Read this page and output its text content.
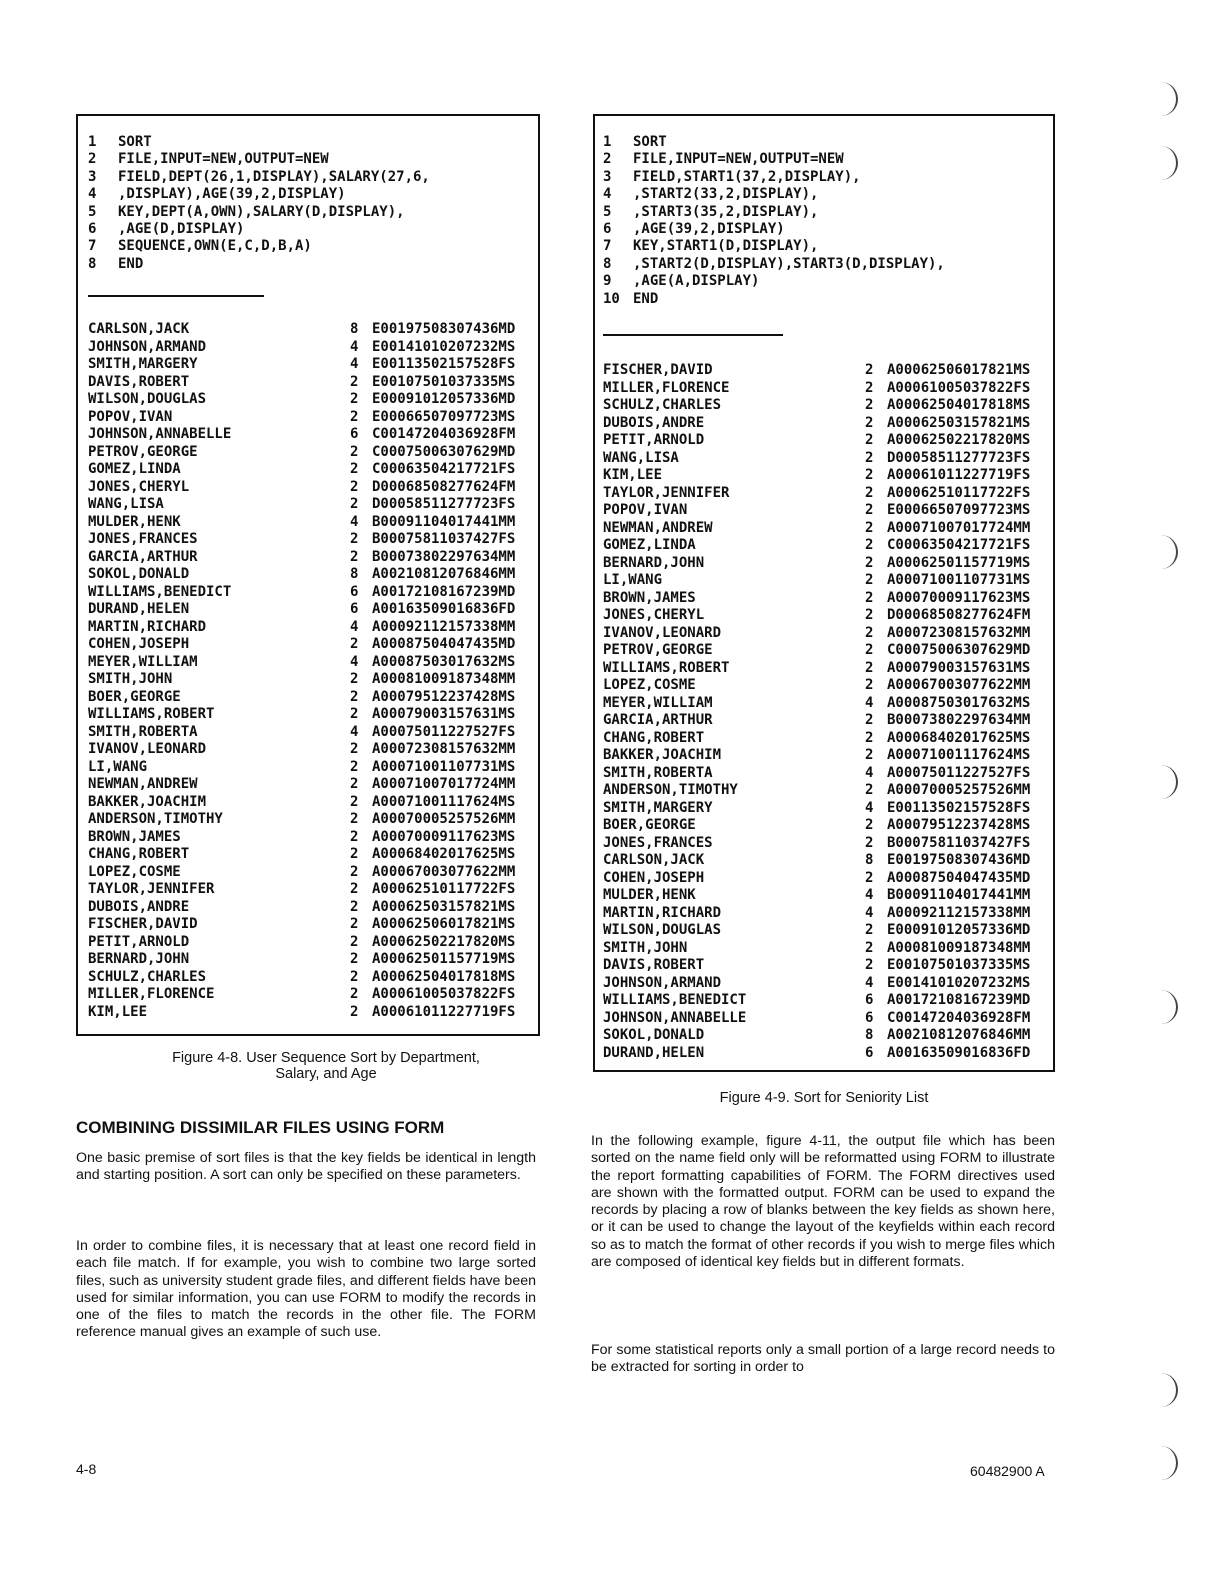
1 SORT
2 FILE,INPUT=NEW,OUTPUT=NEW
3 FIELD,DEPT(26,1,DISPLAY),SALARY(27,6,
4 ,DISPLAY),AGE(39,2,DISPLAY)
5 KEY,DEPT(A,OWN),SALARY(D,DISPLAY),
6 ,AGE(D,DISPLAY)
7 SEQUENCE,OWN(E,C,D,B,A)
8 END
CARLSON,JACK	8 E00197508307436MD
JOHNSON,ARMAND	4 E00141010207232MS
SMITH,MARGERY	4 E00113502157528FS
DAVIS,ROBERT	2 E00107501037335MS
WILSON,DOUGLAS	2 E00091012057336MD
POPOV,IVAN	2 E00066507097723MS
JOHNSON,ANNABELLE	6 C00147204036928FM
PETROV,GEORGE	2 C00075006307629MD
GOMEZ,LINDA	2 C00063504217721FS
JONES,CHERYL	2 D00068508277624FM
WANG,LISA	2 D00058511277723FS
MULDER,HENK	4 B00091104017441MM
JONES,FRANCES	2 B00075811037427FS
GARCIA,ARTHUR	2 B00073802297634MM
SOKOL,DONALD	8 A00210812076846MM
WILLIAMS,BENEDICT	6 A00172108167239MD
DURAND,HELEN	6 A00163509016836FD
MARTIN,RICHARD	4 A00092112157338MM
COHEN,JOSEPH	2 A00087504047435MD
MEYER,WILLIAM	4 A00087503017632MS
SMITH,JOHN	2 A00081009187348MM
BOER,GEORGE	2 A00079512237428MS
WILLIAMS,ROBERT	2 A00079003157631MS
SMITH,ROBERTA	4 A00075011227527FS
IVANOV,LEONARD	2 A00072308157632MM
LI,WANG	2 A00071001107731MS
NEWMAN,ANDREW	2 A00071007017724MM
BAKKER,JOACHIM	2 A00071001117624MS
ANDERSON,TIMOTHY	2 A00070005257526MM
BROWN,JAMES	2 A00070009117623MS
CHANG,ROBERT	2 A00068402017625MS
LOPEZ,COSME	2 A00067003077622MM
TAYLOR,JENNIFER	2 A00062510117722FS
DUBOIS,ANDRE	2 A00062503157821MS
FISCHER,DAVID	2 A00062506017821MS
PETIT,ARNOLD	2 A00062502217820MS
BERNARD,JOHN	2 A00062501157719MS
SCHULZ,CHARLES	2 A00062504017818MS
MILLER,FLORENCE	2 A00061005037822FS
KIM,LEE	2 A00061011227719FS
Figure 4-8. User Sequence Sort by Department,
Salary, and Age
1 SORT
2 FILE,INPUT=NEW,OUTPUT=NEW
3 FIELD,START1(37,2,DISPLAY),
4 ,START2(33,2,DISPLAY),
5 ,START3(35,2,DISPLAY),
6 ,AGE(39,2,DISPLAY)
7 KEY,START1(D,DISPLAY),
8 ,START2(D,DISPLAY),START3(D,DISPLAY),
9 ,AGE(A,DISPLAY)
10 END
FISCHER,DAVID	2 A00062506017821MS
MILLER,FLORENCE	2 A00061005037822FS
SCHULZ,CHARLES	2 A00062504017818MS
DUBOIS,ANDRE	2 A00062503157821MS
PETIT,ARNOLD	2 A00062502217820MS
WANG,LISA	2 D00058511277723FS
KIM,LEE	2 A00061011227719FS
TAYLOR,JENNIFER	2 A00062510117722FS
POPOV,IVAN	2 E00066507097723MS
NEWMAN,ANDREW	2 A00071007017724MM
GOMEZ,LINDA	2 C00063504217721FS
BERNARD,JOHN	2 A00062501157719MS
LI,WANG	2 A00071001107731MS
BROWN,JAMES	2 A00070009117623MS
JONES,CHERYL	2 D00068508277624FM
IVANOV,LEONARD	2 A00072308157632MM
PETROV,GEORGE	2 C00075006307629MD
WILLIAMS,ROBERT	2 A00079003157631MS
LOPEZ,COSME	2 A00067003077622MM
MEYER,WILLIAM	4 A00087503017632MS
GARCIA,ARTHUR	2 B00073802297634MM
CHANG,ROBERT	2 A00068402017625MS
BAKKER,JOACHIM	2 A00071001117624MS
SMITH,ROBERTA	4 A00075011227527FS
ANDERSON,TIMOTHY	2 A00070005257526MM
SMITH,MARGERY	4 E00113502157528FS
BOER,GEORGE	2 A00079512237428MS
JONES,FRANCES	2 B00075811037427FS
CARLSON,JACK	8 E00197508307436MD
COHEN,JOSEPH	2 A00087504047435MD
MULDER,HENK	4 B00091104017441MM
MARTIN,RICHARD	4 A00092112157338MM
WILSON,DOUGLAS	2 E00091012057336MD
SMITH,JOHN	2 A00081009187348MM
DAVIS,ROBERT	2 E00107501037335MS
JOHNSON,ARMAND	4 E00141010207232MS
WILLIAMS,BENEDICT	6 A00172108167239MD
JOHNSON,ANNABELLE	6 C00147204036928FM
SOKOL,DONALD	8 A00210812076846MM
DURAND,HELEN	6 A00163509016836FD
Figure 4-9. Sort for Seniority List
COMBINING DISSIMILAR FILES USING FORM
One basic premise of sort files is that the key fields be identical in length and starting position. A sort can only be specified on these parameters.
In order to combine files, it is necessary that at least one record field in each file match. If for example, you wish to combine two large sorted files, such as university student grade files, and different fields have been used for similar information, you can use FORM to modify the records in one of the files to match the records in the other file. The FORM reference manual gives an example of such use.
In the following example, figure 4-11, the output file which has been sorted on the name field only will be reformatted using FORM to illustrate the report formatting capabilities of FORM. The FORM directives used are shown with the formatted output. FORM can be used to expand the records by placing a row of blanks between the key fields as shown here, or it can be used to change the layout of the keyfields within each record so as to match the format of other records if you wish to merge files which are composed of identical key fields but in different formats.
For some statistical reports only a small portion of a large record needs to be extracted for sorting in order to
4-8	60482900 A
